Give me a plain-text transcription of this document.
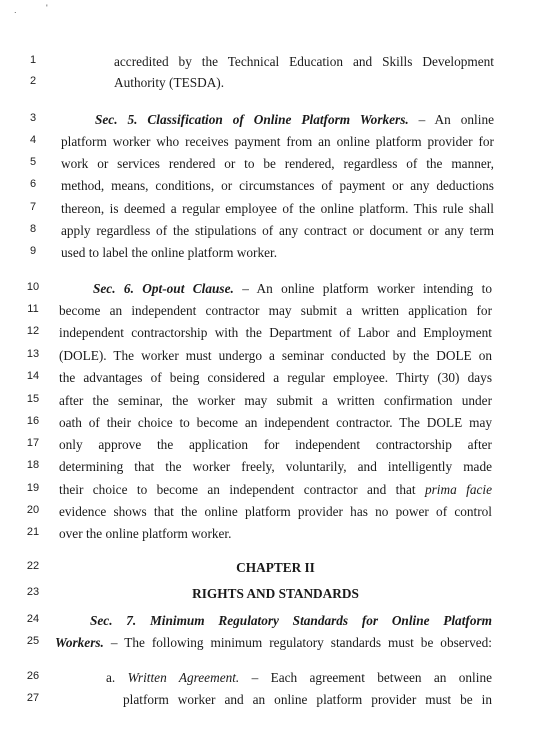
.	'
1	accredited by the Technical Education and Skills Development
2	Authority (TESDA).
3	Sec. 5. Classification of Online Platform Workers. – An online
4 platform worker who receives payment from an online platform provider for
5 work or services rendered or to be rendered, regardless of the manner,
6 method, means, conditions, or circumstances of payment or any deductions
7 thereon, is deemed a regular employee of the online platform. This rule shall
8 apply regardless of the stipulations of any contract or document or any term
9 used to label the online platform worker.
10	Sec. 6. Opt-out Clause. – An online platform worker intending to
11 become an independent contractor may submit a written application for
12 independent contractorship with the Department of Labor and Employment
13 (DOLE). The worker must undergo a seminar conducted by the DOLE on
14 the advantages of being considered a regular employee. Thirty (30) days
15 after the seminar, the worker may submit a written confirmation under
16 oath of their choice to become an independent contractor. The DOLE may
17 only approve the application for independent contractorship after
18 determining that the worker freely, voluntarily, and intelligently made
19 their choice to become an independent contractor and that prima facie
20 evidence shows that the online platform provider has no power of control
21 over the online platform worker.
22	CHAPTER II
23	RIGHTS AND STANDARDS
24	Sec. 7. Minimum Regulatory Standards for Online Platform
25 Workers. – The following minimum regulatory standards must be observed:
26	a. Written Agreement. – Each agreement between an online
27	platform worker and an online platform provider must be in
